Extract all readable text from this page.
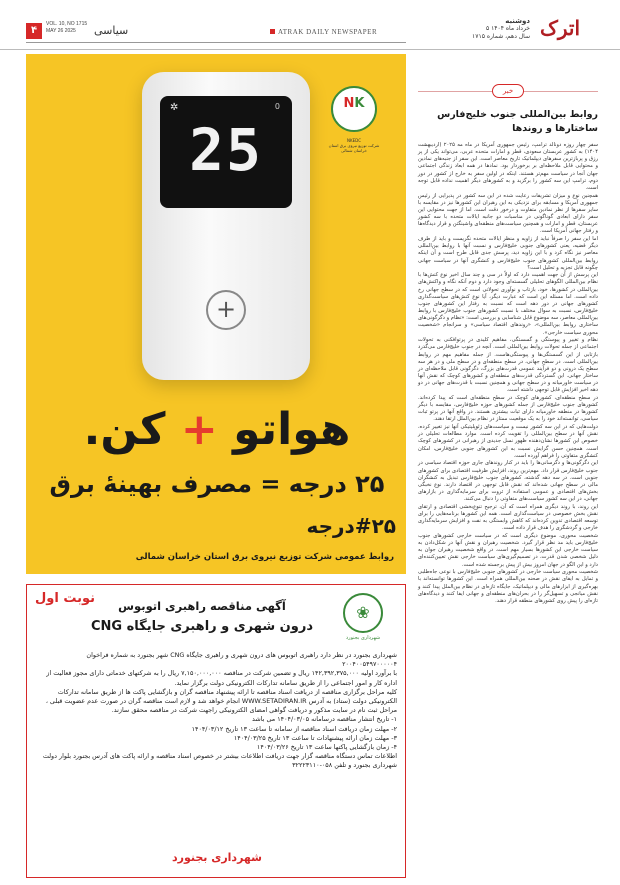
۴
VOL. 10, NO 1715
MAY 26 2025	سیاسی	ATRAK DAILY NEWSPAPER
دوشنبه
۵ خرداد ماه ۱۴۰۴
سال دهم، شماره ۱۷۱۵ اترک
✲	0
25
+
NK
NKEDC
شرکت توزیع نیروی برق استان خراسان شمالی
هواتو + کن.
۲۵ درجه = مصرف بهینهٔ برق
#۲۵درجه
روابط عمومی شرکت توزیع نیروی برق استان خراسان شمالی
نوبت اول	آگهی مناقصه راهبری اتوبوس
درون شهری و راهبری جایگاه CNG
❀
شهرداری بجنورد

شهرداری بجنورد در نظر دارد راهبری اتوبوس های درون شهری و راهبری جایگاه CNG شهر بجنورد به شماره فراخوان ۲۰۰۴۰۰۵۴۹۷۰۰۰۰۰۴

با برآورد اولیه ۱۴۲,۳۹۲,۳۷۵,۰۰۰ ریال و تضمین شرکت در مناقصه ۷,۱۵۰,۰۰۰,۰۰۰ ریال را به شرکتهای خدماتی دارای مجوز فعالیت از اداره کار و امور اجتماعی را از طریق سامانه تدارکات الکترونیکی دولت برگزار نماید.

کلیه مراحل برگزاری مناقصه از دریافت اسناد مناقصه تا ارائه پیشنهاد مناقصه گران و بازگشایی پاکت ها از طریق سامانه تدارکات الکترونیکی دولت (ستاد) به آدرس WWW.SETADIRAN.IR انجام خواهد شد و لازم است مناقصه گران در صورت عدم عضویت قبلی ، مراحل ثبت نام در سایت مذکور و دریافت گواهی امضای الکترونیکی راجهت شرکت در مناقصه محقق سازند.

۱- تاریخ انتشار مناقصه درسامانه ۱۴۰۴/۰۳/۰۵ می باشد

۲- مهلت زمان دریافت اسناد مناقصه از سامانه تا ساعت ۱۳ تاریخ ۱۴۰۴/۰۳/۱۲

۳- مهلت زمان ارائه پیشنهادات تا ساعت ۱۳ تاریخ ۱۴۰۴/۰۳/۲۵

۴- زمان بازگشایی پاکتها ساعت ۱۳ تاریخ ۱۴۰۴/۰۳/۲۶

اطلاعات تماس دستگاه مناقصه گزار جهت دریافت اطلاعات بیشتر در خصوص اسناد مناقصه و ارائه پاکت های آدرس بجنورد بلوار دولت شهرداری بجنورد و تلفن ۰۵۸-۳۲۲۲۳۱۱۰

شهرداری بجنورد
خبر
روابط بین‌المللی جنوب خلیج‌فارس ساختارها و روندها

سفر چهار روزه دونالد ترامپ، رئیس جمهوری آمریکا در ماه مه ۲۰۲۵ (اردیبهشت ۱۴۰۴) به کشور عربستان سعودی، قطر و امارات متحده عربی، می‌تواند یکی از پر رزق و پربازترین سفرهای دیپلماتیک تاریخ معاصر است. این سفر از جنبه‌های نمادین و محتوایی قابل ملاحظه‌ای بر برخوردار بود. نمادها در همه ابعاد زندگی اجتماعی جهان آنجا در سیاست مهم‌تر هستند. اینکه در اولین سفر به خارج از کشور در دور دوم، ترامپ این سه کشور را برگزید و به کشورهای دیگر اهمیت نداده قابل توجه است.

همچنین نوع و میزان تشریفات رعایت شده در این سه کشور در پذیرایی از رئیس جمهوری آمریکا و مسابقه برای نزدیکی به این رهبران این کشورها نیز در مقایسه با سایر سفرها از نظر نمادین متفاوت و درخور دقت است. اما از جهت محتوایی این سفر دارای ابعادی گوناگونی در مناسبات دو جانبه ایالات متحده با سه کشور عربستان، قطر و امارات و همچنین سیاست‌های منطقه‌ای واشینگتن و قرار دیدگاه‌ها و رفتار جهانی آمریکا است.

اما این سفر را صرفاً نباید از زاویه و منظر ایالات متحده نگریست و باید از طرف دیگر قضیه، یعنی کشورهای جنوبی خلیج‌فارس و نسبت آنها با روابط بین‌المللی معاصر نیز نگاه کرد و با این زاویه دید، پرسش جدی قابل طرح است و آن اینکه روابط بین‌المللی کشورهای جنوب خلیج‌فارس و کنشگری آنها در سیاست جهانی چگونه قابل تجزیه و تحلیل است؟

این پرسش از آن جهت اهمیت دارد که اولاً در سی و چند سال اخیر نوع کنش‌ها با نظام بین‌المللی الگوهای تحلیلی گسسته‌ای وجود دارد و دوم آنکه نگاه و واکنش‌های بین‌المللی در کشورها، خود، بازتاب و نوآوری تحولاتی است که در سطح جهانی رخ داده است. اما مسئله این است که عبارت دیگر، آیا نوع کنش‌های سیاست‌گذاری کشورهای جهانی در دور دهه است که نسبت به رفتار این کشورهای جنوب خلیج‌فارس، نسبت به سوال مختلف با نسبت کشورهای جنوب خلیج‌فارس با روابط بین‌المللی معاصر، سه موضوع قابل شناسایی و بررسی است: «نظام و دگرگونی‌های ساختاری روابط بین‌المللی»، «روندهای اقتصاد سیاسی» و سرانجام «شخصیت محوری سیاست خارجی».

نظام و تغییر و پیوستگی و گسستگی، مفاهیم کلیدی در پرتوافکنی به تحولات اجتماعی از جمله تحولات روابط بین‌المللی است. آنچه در جنوب خلیج‌فارس می‌گذرد بازتابی از این گسستگی‌ها و پیوستگی‌هاست. از جمله مفاهیم مهم در روابط بین‌المللی است. در سطح جهانی، در سطح منطقه‌ای و در سطح ملی و در هر سه سطح یک درونی و دو فرآیند عمومی قدرت‌های بزرگ، دگرگونی قابل ملاحظه‌ای در ساختار جهانی. این گستردگی قدرت‌های منطقه‌ای و کشورهای کوچک که نقش آنها در سیاست خاورمیانه و در سطح جهانی و همچنین نسبت با قدرت‌های جهانی در دو دهه اخیر افزایش قابل توجهی داشته است.

در سطح منطقه‌ای، کشورهای کوچک در سطح منطقه‌ای است که پیدا کرده‌اند. کشورهای جنوب خلیج‌فارس از جمله کشورهای حوزه خلیج‌فارس، مقایسه با دیگر کشورها در منطقه خاورمیانه دارای ثبات بیشتری هستند. در واقع آنها در پرتو ثبات سیاسی، توانسته‌اند خود را به یک موقعیت ممتاز در نظام بین‌الملل ارتقا دهند.

دولت‌هایی که در این سه کشور نیست و سیاست‌های ژئوپلیتیکی آنها نیز تغییر کرده، نقش آنها در سطح بین‌المللی را تقویت کرده است. موارد مطالعات تحلیلی در خصوص این کشورها نشان‌دهنده ظهور نسل جدیدی از رهبرانی در کشورهای کوچک است. همچنین حسن گرایش نسبت به این کشورهای جنوبی خلیج‌فارس، امکان کنشگری متفاوتی را فراهم آورده است.

این دگرگونی‌ها و دگرسانی‌ها را باید در کنار روندهای جاری حوزه اقتصاد سیاسی در جنوب خلیج‌فارس قرار داد. مهم‌ترین روند، افزایش ظرفیت اقتصادی برای کشورهای جنوبی است. در سه دهه گذشته، کشورهای جنوب خلیج‌فارس تبدیل به کنشگران مالی در سطح جهانی شده‌اند که نقش قابل توجهی در اقتصاد دارند. نوع نخبگی بخش‌های اقتصادی و عمومی استفاده از ثروت برای سرمایه‌گذاری در بازارهای جهانی، در این سه کشور سیاست‌های متفاوتی را دنبال می‌کنند.

این روند، با روند دیگری همراه است که آن، ترجیح تنوع‌بخشی اقتصادی و ارتقای نقش بخش خصوصی در سیاست‌گذاری است. همه این کشورها برنامه‌هایی را برای توسعه اقتصادی تدوین کرده‌اند که کاهش وابستگی به نفت و افزایش سرمایه‌گذاری خارجی و گردشگری را هدف قرار داده است.

شخصیت محوری، موضوع دیگری است که در سیاست خارجی کشورهای جنوب خلیج‌فارس باید مد نظر قرار گیرد. شخصیت رهبران و نقش آنها در شکل‌دادن به سیاست خارجی این کشورها بسیار مهم است. در واقع شخصیت رهبران جوان به دلیل شخصی شدن قدرت، در تصمیم‌گیری‌های سیاست خارجی نقش تعیین‌کننده‌ای دارد و این الگو در جهان امروز بیش از پیش برجسته شده است.

شخصیت محوری سیاست خارجی در کشورهای جنوبی خلیج‌فارس با نوعی جاه‌طلبی و تمایل به ایفای نقش در صحنه بین‌المللی همراه است. این کشورها توانسته‌اند با بهره‌گیری از ابزارهای مالی و دیپلماتیک، جایگاه تازه‌ای در نظام بین‌الملل پیدا کنند و نقش میانجی و تسهیل‌گر را در بحران‌های منطقه‌ای و جهانی ایفا کنند و دیدگاه‌های تازه‌ای را پیش روی کشورهای منطقه قرار دهند.
